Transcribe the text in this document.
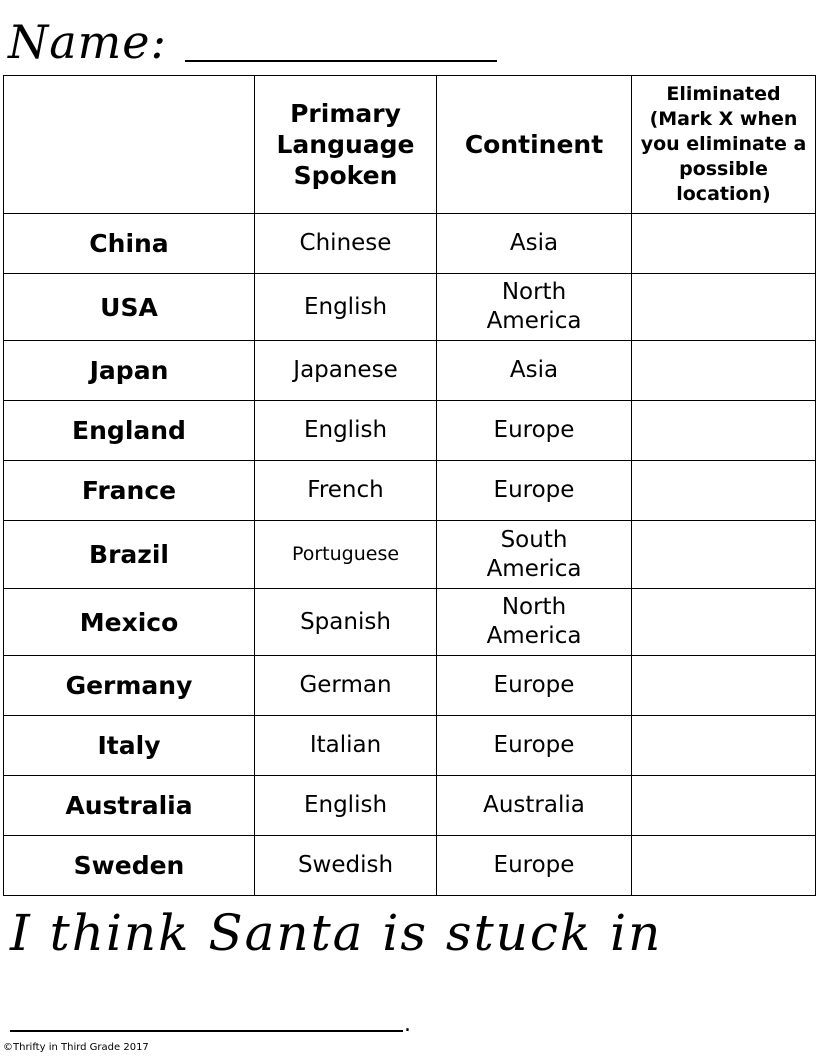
Name:

	Primary Language Spoken	Continent	Eliminated (Mark X when you eliminate a possible location)

China	Chinese	Asia	

USA	English	North America	

Japan	Japanese	Asia	

England	English	Europe	

France	French	Europe	

Brazil	Portuguese	South America	

Mexico	Spanish	North America	

Germany	German	Europe	

Italy	Italian	Europe	

Australia	English	Australia	

Sweden	Swedish	Europe	

I think Santa is stuck in
.
©Thrifty in Third Grade 2017
